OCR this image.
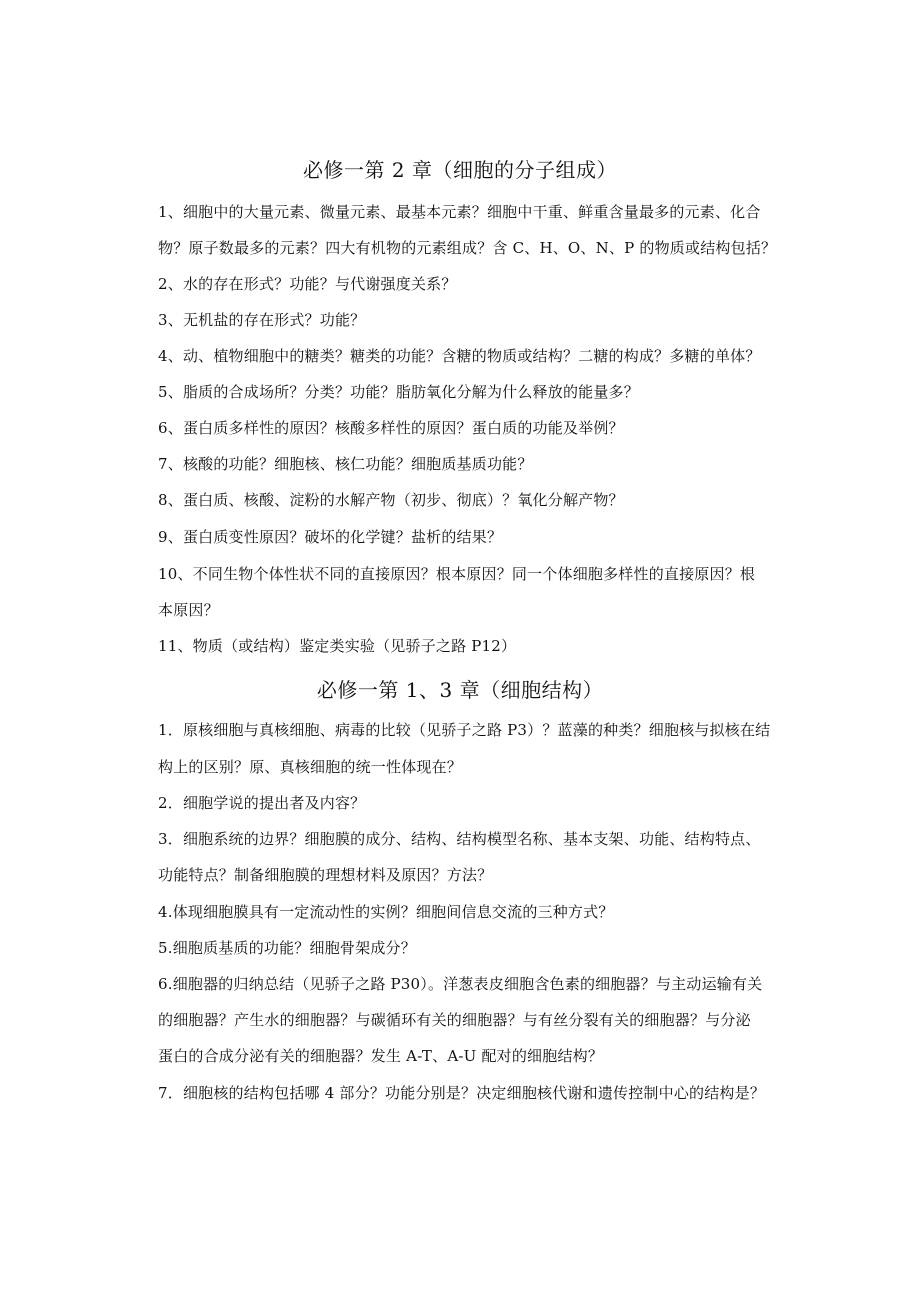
必修一第 2 章（细胞的分子组成）
1、细胞中的大量元素、微量元素、最基本元素？细胞中干重、鲜重含量最多的元素、化合
物？原子数最多的元素？四大有机物的元素组成？含 C、H、O、N、P 的物质或结构包括？
2、水的存在形式？功能？与代谢强度关系？
3、无机盐的存在形式？功能？
4、动、植物细胞中的糖类？糖类的功能？含糖的物质或结构？二糖的构成？多糖的单体？
5、脂质的合成场所？分类？功能？脂肪氧化分解为什么释放的能量多？
6、蛋白质多样性的原因？核酸多样性的原因？蛋白质的功能及举例？
7、核酸的功能？细胞核、核仁功能？细胞质基质功能？
8、蛋白质、核酸、淀粉的水解产物（初步、彻底）？氧化分解产物？
9、蛋白质变性原因？破坏的化学键？盐析的结果？
10、不同生物个体性状不同的直接原因？根本原因？同一个体细胞多样性的直接原因？根
本原因？
11、物质（或结构）鉴定类实验（见骄子之路 P12）
必修一第 1、3 章（细胞结构）
1．原核细胞与真核细胞、病毒的比较（见骄子之路 P3）？蓝藻的种类？细胞核与拟核在结
构上的区别？原、真核细胞的统一性体现在？
2．细胞学说的提出者及内容？
3．细胞系统的边界？细胞膜的成分、结构、结构模型名称、基本支架、功能、结构特点、
功能特点？制备细胞膜的理想材料及原因？方法？
4.体现细胞膜具有一定流动性的实例？细胞间信息交流的三种方式？
5.细胞质基质的功能？细胞骨架成分？
6.细胞器的归纳总结（见骄子之路 P30）。洋葱表皮细胞含色素的细胞器？与主动运输有关
的细胞器？产生水的细胞器？与碳循环有关的细胞器？与有丝分裂有关的细胞器？与分泌
蛋白的合成分泌有关的细胞器？发生 A-T、A-U 配对的细胞结构？
7．细胞核的结构包括哪 4 部分？功能分别是？决定细胞核代谢和遗传控制中心的结构是？
